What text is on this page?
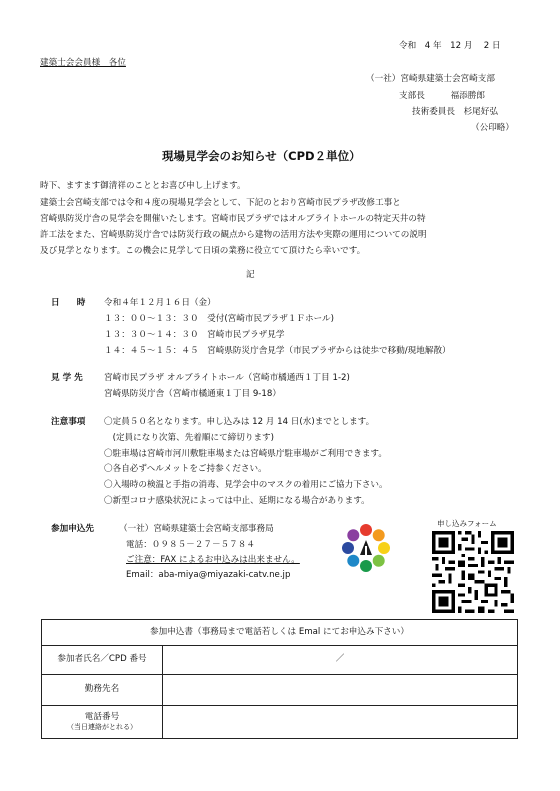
令和　4 年　12 月　 2 日
建築士会会員様　各位
（一社）宮崎県建築士会宮崎支部
支部長　　　福添勝郎
技術委員長　杉尾好弘
（公印略）
現場見学会のお知らせ（CPD２単位）
時下、ますます御清祥のこととお喜び申し上げます。
建築士会宮崎支部では令和４度の現場見学会として、下記のとおり宮崎市民プラザ改修工事と
宮崎県防災庁舎の見学会を開催いたします。宮崎市民プラザではオルブライトホールの特定天井の特
許工法をまた、宮崎県防災庁舎では防災行政の観点から建物の活用方法や実際の運用についての説明
及び見学となります。この機会に見学して日頃の業務に役立てて頂けたら幸いです。
記
日　　時 令和４年１２月１６日（金）
１３：００～１３：３０　受付(宮崎市民プラザ１Ｆホール)
１３：３０～１４：３０　宮崎市民プラザ見学
１４：４５～１５：４５　宮崎県防災庁舎見学（市民プラザからは徒歩で移動/現地解散）
見 学 先 宮崎市民プラザ オルブライトホール（宮崎市橘通西１丁目 1-2)
宮崎県防災庁舎（宮崎市橘通東１丁目 9-18）
注意事項 〇定員５０名となります。申し込みは 12 月 14 日(水)までとします。
　(定員になり次第、先着順にて締切ります)
〇駐車場は宮崎市河川敷駐車場または宮崎県庁駐車場がご利用できます。
〇各自必ずヘルメットをご持参ください。
〇入場時の検温と手指の消毒、見学会中のマスクの着用にご協力下さい。
〇新型コロナ感染状況によっては中止、延期になる場合があります。
参加申込先	（一社）宮崎県建築士会宮崎支部事務局
電話：０９８５－２７－５７８４
ご注意：FAX によるお申込みは出来ません。
Email：aba-miya@miyazaki-catv.ne.jp
申し込みフォーム
参加申込書（事務局まで電話若しくは Emal にてお申込み下さい）	
参加者氏名／CPD 番号	／
勤務先名	

電話番号
（当日連絡がとれる）	
